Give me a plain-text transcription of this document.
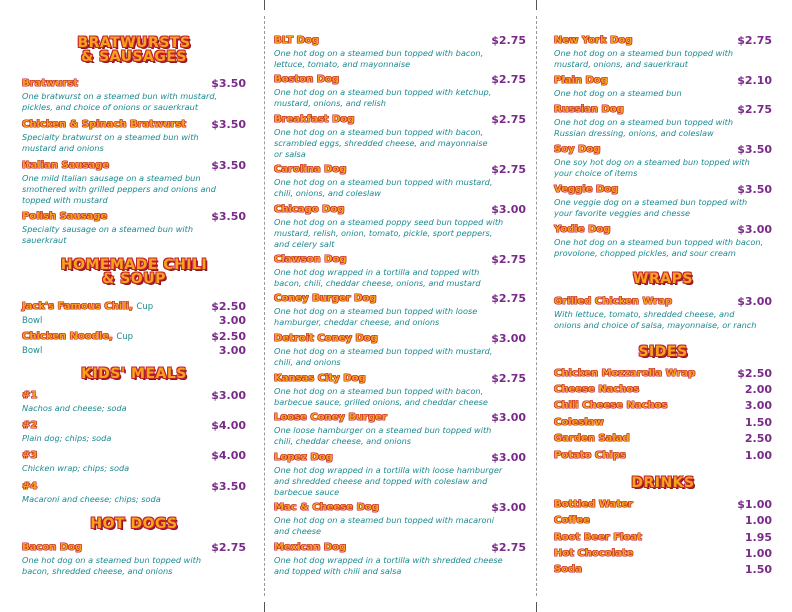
BRATWURSTS
& SAUSAGES
Bratwurst	$3.50
One bratwurst on a steamed bun with mustard,
pickles, and choice of onions or sauerkraut
Chicken & Spinach Bratwurst $3.50
Specialty bratwurst on a steamed bun with
mustard and onions
Italian Sausage	$3.50
One mild Italian sausage on a steamed bun
smothered with grilled peppers and onions and
topped with mustard
Polish Sausage	$3.50
Specialty sausage on a steamed bun with
sauerkraut
HOMEMADE CHILI
& SOUP
Jack's Famous Chili, Cup	$2.50
Bowl	3.00
Chicken Noodle, Cup	$2.50
Bowl	3.00
KIDS' MEALS
#1	$3.00
Nachos and cheese; soda
#2	$4.00
Plain dog; chips; soda
#3	$4.00
Chicken wrap; chips; soda
#4	$3.50
Macaroni and cheese; chips; soda
HOT DOGS
Bacon Dog	$2.75
One hot dog on a steamed bun topped with
bacon, shredded cheese, and onions
BLT Dog	$2.75
One hot dog on a steamed bun topped with bacon,
lettuce, tomato, and mayonnaise
Boston Dog	$2.75
One hot dog on a steamed bun topped with ketchup,
mustard, onions, and relish
Breakfast Dog	$2.75
One hot dog on a steamed bun topped with bacon,
scrambled eggs, shredded cheese, and mayonnaise
or salsa
Carolina Dog	$2.75
One hot dog on a steamed bun topped with mustard,
chili, onions, and coleslaw
Chicago Dog	$3.00
One hot dog on a steamed poppy seed bun topped with
mustard, relish, onion, tomato, pickle, sport peppers,
and celery salt
Clawson Dog	$2.75
One hot dog wrapped in a tortilla and topped with
bacon, chili, cheddar cheese, onions, and mustard
Coney Burger Dog	$2.75
One hot dog on a steamed bun topped with loose
hamburger, cheddar cheese, and onions
Detroit Coney Dog	$3.00
One hot dog on a steamed bun topped with mustard,
chili, and onions
Kansas City Dog	$2.75
One hot dog on a steamed bun topped with bacon,
barbecue sauce, grilled onions, and cheddar cheese
Loose Coney Burger	$3.00
One loose hamburger on a steamed bun topped with
chili, cheddar cheese, and onions
Lopez Dog	$3.00
One hot dog wrapped in a tortilla with loose hamburger
and shredded cheese and topped with coleslaw and
barbecue sauce
Mac & Cheese Dog	$3.00
One hot dog on a steamed bun topped with macaroni
and cheese
Mexican Dog	$2.75
One hot dog wrapped in a tortilla with shredded cheese
and topped with chili and salsa
New York Dog	$2.75
One hot dog on a steamed bun topped with
mustard, onions, and sauerkraut
Plain Dog	$2.10
One hot dog on a steamed bun
Russian Dog	$2.75
One hot dog on a steamed bun topped with
Russian dressing, onions, and coleslaw
Soy Dog	$3.50
One soy hot dog on a steamed bun topped with
your choice of items
Veggie Dog	$3.50
One veggie dog on a steamed bun topped with
your favorite veggies and chesse
Yodie Dog	$3.00
One hot dog on a steamed bun topped with bacon,
provolone, chopped pickles, and sour cream
WRAPS
Grilled Chicken Wrap	$3.00
With lettuce, tomato, shredded cheese, and
onions and choice of salsa, mayonnaise, or ranch
SIDES
Chicken Mozzarella Wrap	$2.50
Cheese Nachos	2.00
Chili Cheese Nachos	3.00
Coleslaw	1.50
Garden Salad	2.50
Potato Chips	1.00
DRINKS
Bottled Water	$1.00
Coffee	1.00
Root Beer Float	1.95
Hot Chocolate	1.00
Soda	1.50
